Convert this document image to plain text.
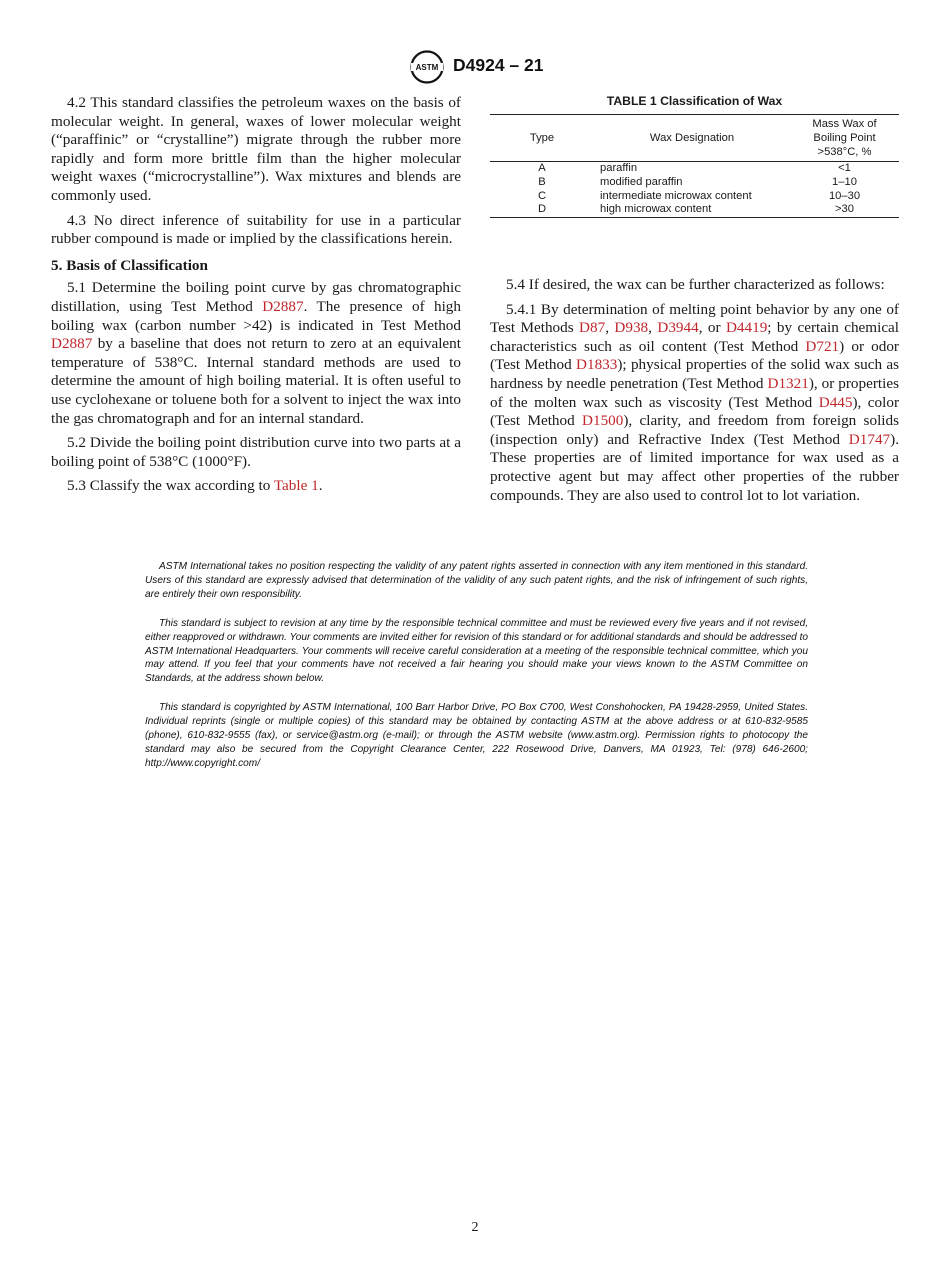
ASTM D4924 – 21

4.2 This standard classifies the petroleum waxes on the basis of molecular weight. In general, waxes of lower molecular weight (“paraffinic” or “crystalline”) migrate through the rubber more rapidly and form more brittle film than the higher molecular weight waxes (“microcrystalline”). Wax mixtures and blends are commonly used.

4.3 No direct inference of suitability for use in a particular rubber compound is made or implied by the classifications herein.

5. Basis of Classification

5.1 Determine the boiling point curve by gas chromatographic distillation, using Test Method D2887. The presence of high boiling wax (carbon number >42) is indicated in Test Method D2887 by a baseline that does not return to zero at an equivalent temperature of 538°C. Internal standard methods are used to determine the amount of high boiling material. It is often useful to use cyclohexane or toluene both for a solvent to inject the wax into the gas chromatograph and for an internal standard.

5.2 Divide the boiling point distribution curve into two parts at a boiling point of 538°C (1000°F).

5.3 Classify the wax according to Table 1.

TABLE 1 Classification of Wax
Type	Wax Designation	Mass Wax of
Boiling Point
>538°C, %

A	paraffin	<1
B	modified paraffin	1–10
C	intermediate microwax content	10–30
D	high microwax content	>30

5.4 If desired, the wax can be further characterized as follows:

5.4.1 By determination of melting point behavior by any one of Test Methods D87, D938, D3944, or D4419; by certain chemical characteristics such as oil content (Test Method D721) or odor (Test Method D1833); physical properties of the solid wax such as hardness by needle penetration (Test Method D1321), or properties of the molten wax such as viscosity (Test Method D445), color (Test Method D1500), clarity, and freedom from foreign solids (inspection only) and Refractive Index (Test Method D1747). These properties are of limited importance for wax used as a protective agent but may affect other properties of the rubber compounds. They are also used to control lot to lot variation.

ASTM International takes no position respecting the validity of any patent rights asserted in connection with any item mentioned in this standard. Users of this standard are expressly advised that determination of the validity of any such patent rights, and the risk of infringement of such rights, are entirely their own responsibility.

This standard is subject to revision at any time by the responsible technical committee and must be reviewed every five years and if not revised, either reapproved or withdrawn. Your comments are invited either for revision of this standard or for additional standards and should be addressed to ASTM International Headquarters. Your comments will receive careful consideration at a meeting of the responsible technical committee, which you may attend. If you feel that your comments have not received a fair hearing you should make your views known to the ASTM Committee on Standards, at the address shown below.

This standard is copyrighted by ASTM International, 100 Barr Harbor Drive, PO Box C700, West Conshohocken, PA 19428-2959, United States. Individual reprints (single or multiple copies) of this standard may be obtained by contacting ASTM at the above address or at 610-832-9585 (phone), 610-832-9555 (fax), or service@astm.org (e-mail); or through the ASTM website (www.astm.org). Permission rights to photocopy the standard may also be secured from the Copyright Clearance Center, 222 Rosewood Drive, Danvers, MA 01923, Tel: (978) 646-2600; http://www.copyright.com/

2
